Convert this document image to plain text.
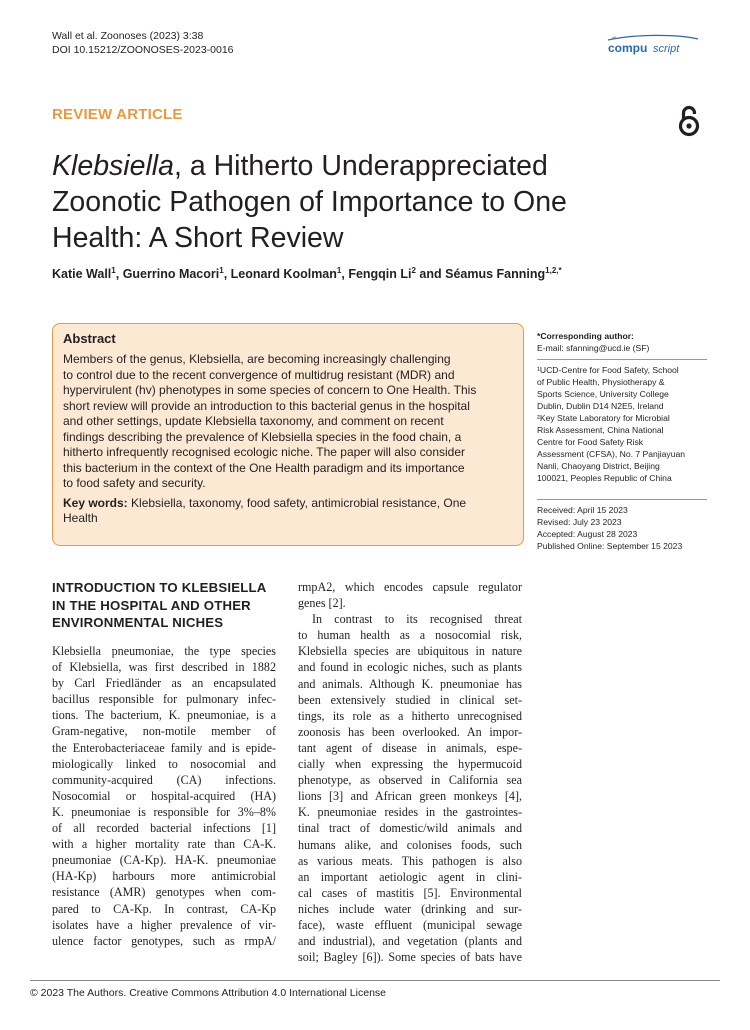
Wall et al. Zoonoses (2023) 3:38
DOI 10.15212/ZOONOSES-2023-0016	compu script
REVIEW ARTICLE
Klebsiella, a Hitherto Underappreciated
Zoonotic Pathogen of Importance to One
Health: A Short Review
Katie Wall$^1$, Guerrino Macori$^1$, Leonard Koolman$^1$, Fengqin Li$^2$ and Séamus Fanning$^{1,2,*}$
Abstract
Members of the genus, Klebsiella, are becoming increasingly challenging
to control due to the recent convergence of multidrug resistant (MDR) and
hypervirulent (hv) phenotypes in some species of concern to One Health. This
short review will provide an introduction to this bacterial genus in the hospital
and other settings, update Klebsiella taxonomy, and comment on recent
findings describing the prevalence of Klebsiella species in the food chain, a
hitherto infrequently recognised ecologic niche. The paper will also consider
this bacterium in the context of the One Health paradigm and its importance
to food safety and security.
Key words: Klebsiella, taxonomy, food safety, antimicrobial resistance, One
Health
*Corresponding author:
E-mail: sfanning@ucd.ie (SF)
¹UCD-Centre for Food Safety, School
of Public Health, Physiotherapy &
Sports Science, University College
Dublin, Dublin D14 N2E5, Ireland
²Key State Laboratory for Microbial
Risk Assessment, China National
Centre for Food Safety Risk
Assessment (CFSA), No. 7 Panjiayuan
Nanli, Chaoyang District, Beijing
100021, Peoples Republic of China
Received: April 15 2023
Revised: July 23 2023
Accepted: August 28 2023
Published Online: September 15 2023
INTRODUCTION TO KLEBSIELLA
IN THE HOSPITAL AND OTHER
ENVIRONMENTAL NICHES
Klebsiella pneumoniae, the type species
of Klebsiella, was first described in 1882
by Carl Friedländer as an encapsulated
bacillus responsible for pulmonary infec-
tions. The bacterium, K. pneumoniae, is a
Gram-negative, non-motile member of
the Enterobacteriaceae family and is epide-
miologically linked to nosocomial and
community-acquired (CA) infections.
Nosocomial or hospital-acquired (HA)
K. pneumoniae is responsible for 3%–8%
of all recorded bacterial infections [1]
with a higher mortality rate than CA-K.
pneumoniae (CA-Kp). HA-K. pneumoniae
(HA-Kp) harbours more antimicrobial
resistance (AMR) genotypes when com-
pared to CA-Kp. In contrast, CA-Kp
isolates have a higher prevalence of vir-
ulence factor genotypes, such as rmpA/
rmpA2, which encodes capsule regulator
genes [2].
In contrast to its recognised threat
to human health as a nosocomial risk,
Klebsiella species are ubiquitous in nature
and found in ecologic niches, such as plants
and animals. Although K. pneumoniae has
been extensively studied in clinical set-
tings, its role as a hitherto unrecognised
zoonosis has been overlooked. An impor-
tant agent of disease in animals, espe-
cially when expressing the hypermucoid
phenotype, as observed in California sea
lions [3] and African green monkeys [4],
K. pneumoniae resides in the gastrointes-
tinal tract of domestic/wild animals and
humans alike, and colonises foods, such
as various meats. This pathogen is also
an important aetiologic agent in clini-
cal cases of mastitis [5]. Environmental
niches include water (drinking and sur-
face), waste effluent (municipal sewage
and industrial), and vegetation (plants and
soil; Bagley [6]). Some species of bats have
© 2023 The Authors. Creative Commons Attribution 4.0 International License
